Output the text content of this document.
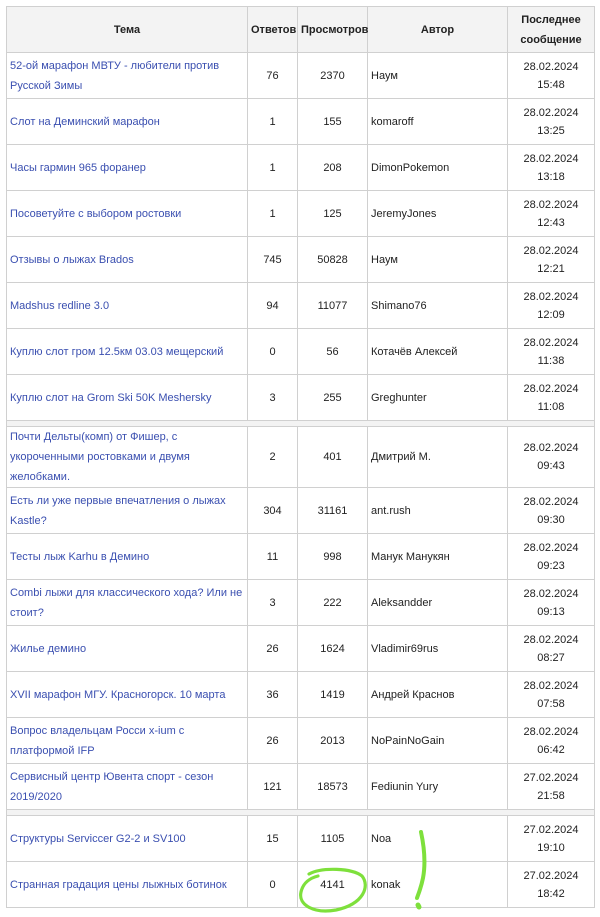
Тема	Ответов	Просмотров	Автор	Последнее
сообщение
52-ой марафон МВТУ - любители против Русской Зимы	76	2370	Наум	28.02.2024
15:48
Слот на Деминский марафон	1	155	komaroff	28.02.2024
13:25
Часы гармин 965 форанер	1	208	DimonPokemon	28.02.2024
13:18
Посоветуйте с выбором ростовки	1	125	JeremyJones	28.02.2024
12:43
Отзывы о лыжах Brados	745	50828	Наум	28.02.2024
12:21
Madshus redline 3.0	94	11077	Shimano76	28.02.2024
12:09
Куплю слот гром 12.5км 03.03 мещерский	0	56	Котачёв Алексей	28.02.2024
11:38
Куплю слот на Grom Ski 50K Meshersky	3	255	Greghunter	28.02.2024
11:08

Почти Дельты(комп) от Фишер, с укороченными ростовками и двумя желобками.	2	401	Дмитрий М.	28.02.2024
09:43
Есть ли уже первые впечатления о лыжах Kastle?	304	31161	ant.rush	28.02.2024
09:30
Тесты лыж Karhu в Демино	11	998	Манук Манукян	28.02.2024
09:23
Combi лыжи для классического хода? Или не стоит?	3	222	Aleksandder	28.02.2024
09:13
Жилье демино	26	1624	Vladimir69rus	28.02.2024
08:27
XVII марафон МГУ. Красногорск. 10 марта	36	1419	Андрей Краснов	28.02.2024
07:58
Вопрос владельцам Росси x-ium с платформой IFP	26	2013	NoPainNoGain	28.02.2024
06:42
Сервисный центр Ювента спорт - сезон 2019/2020	121	18573	Fediunin Yury	27.02.2024
21:58

Структуры Serviccer G2-2 и SV100	15	1105	Noa	27.02.2024
19:10
Странная градация цены лыжных ботинок	0	4141	konak	27.02.2024
18:42
